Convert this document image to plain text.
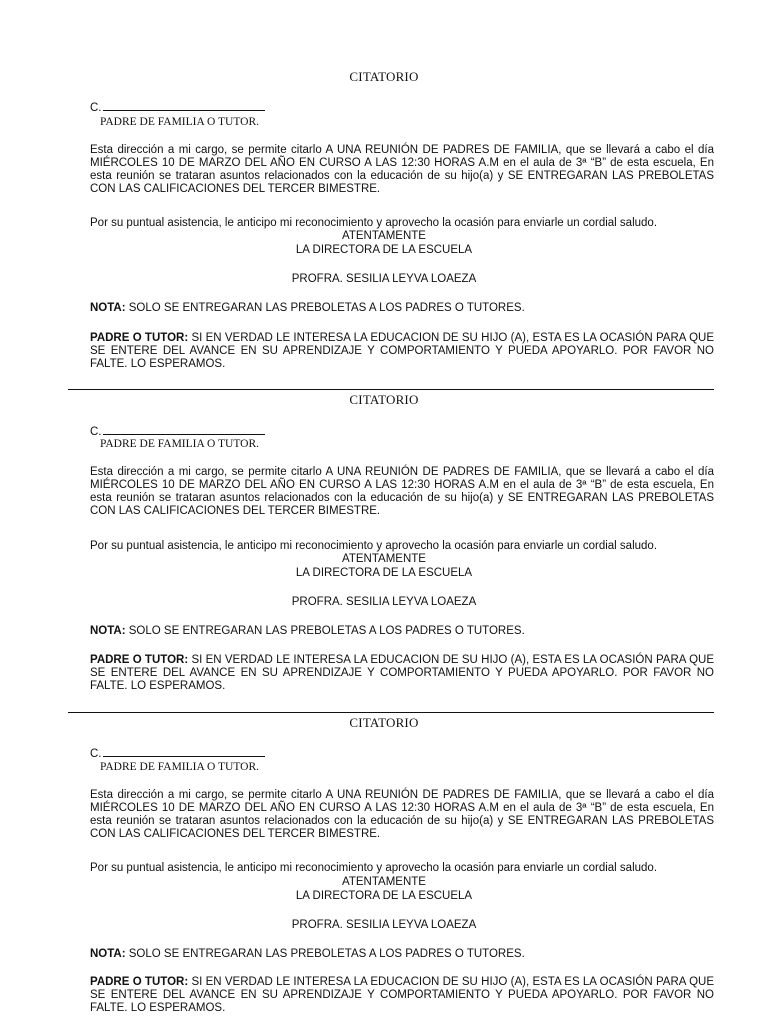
CITATORIO
C.
PADRE DE FAMILIA O TUTOR.

Esta dirección a mi cargo, se permite citarlo A UNA REUNIÓN DE PADRES DE FAMILIA, que se llevará a cabo el día MIÉRCOLES 10 DE MARZO DEL AÑO EN CURSO A LAS 12:30 HORAS A.M en el aula de 3ª “B” de esta escuela, En esta reunión se trataran asuntos relacionados con la educación de su hijo(a) y SE ENTREGARAN LAS PREBOLETAS CON LAS CALIFICACIONES DEL TERCER BIMESTRE.

Por su puntual asistencia, le anticipo mi reconocimiento y aprovecho la ocasión para enviarle un cordial saludo.
ATENTAMENTE
LA DIRECTORA DE LA ESCUELA
PROFRA. SESILIA LEYVA LOAEZA
NOTA: SOLO SE ENTREGARAN LAS PREBOLETAS A LOS PADRES O TUTORES.

PADRE O TUTOR: SI EN VERDAD LE INTERESA LA EDUCACION DE SU HIJO (A), ESTA ES LA OCASIÓN PARA QUE SE ENTERE DEL AVANCE EN SU APRENDIZAJE Y COMPORTAMIENTO Y PUEDA APOYARLO. POR FAVOR NO FALTE. LO ESPERAMOS.

CITATORIO
C.
PADRE DE FAMILIA O TUTOR.

Esta dirección a mi cargo, se permite citarlo A UNA REUNIÓN DE PADRES DE FAMILIA, que se llevará a cabo el día MIÉRCOLES 10 DE MARZO DEL AÑO EN CURSO A LAS 12:30 HORAS A.M en el aula de 3ª “B” de esta escuela, En esta reunión se trataran asuntos relacionados con la educación de su hijo(a) y SE ENTREGARAN LAS PREBOLETAS CON LAS CALIFICACIONES DEL TERCER BIMESTRE.

Por su puntual asistencia, le anticipo mi reconocimiento y aprovecho la ocasión para enviarle un cordial saludo.
ATENTAMENTE
LA DIRECTORA DE LA ESCUELA
PROFRA. SESILIA LEYVA LOAEZA
NOTA: SOLO SE ENTREGARAN LAS PREBOLETAS A LOS PADRES O TUTORES.

PADRE O TUTOR: SI EN VERDAD LE INTERESA LA EDUCACION DE SU HIJO (A), ESTA ES LA OCASIÓN PARA QUE SE ENTERE DEL AVANCE EN SU APRENDIZAJE Y COMPORTAMIENTO Y PUEDA APOYARLO. POR FAVOR NO FALTE. LO ESPERAMOS.

CITATORIO
C.
PADRE DE FAMILIA O TUTOR.

Esta dirección a mi cargo, se permite citarlo A UNA REUNIÓN DE PADRES DE FAMILIA, que se llevará a cabo el día MIÉRCOLES 10 DE MARZO DEL AÑO EN CURSO A LAS 12:30 HORAS A.M en el aula de 3ª “B” de esta escuela, En esta reunión se trataran asuntos relacionados con la educación de su hijo(a) y SE ENTREGARAN LAS PREBOLETAS CON LAS CALIFICACIONES DEL TERCER BIMESTRE.

Por su puntual asistencia, le anticipo mi reconocimiento y aprovecho la ocasión para enviarle un cordial saludo.
ATENTAMENTE
LA DIRECTORA DE LA ESCUELA
PROFRA. SESILIA LEYVA LOAEZA
NOTA: SOLO SE ENTREGARAN LAS PREBOLETAS A LOS PADRES O TUTORES.

PADRE O TUTOR: SI EN VERDAD LE INTERESA LA EDUCACION DE SU HIJO (A), ESTA ES LA OCASIÓN PARA QUE SE ENTERE DEL AVANCE EN SU APRENDIZAJE Y COMPORTAMIENTO Y PUEDA APOYARLO. POR FAVOR NO FALTE. LO ESPERAMOS.
